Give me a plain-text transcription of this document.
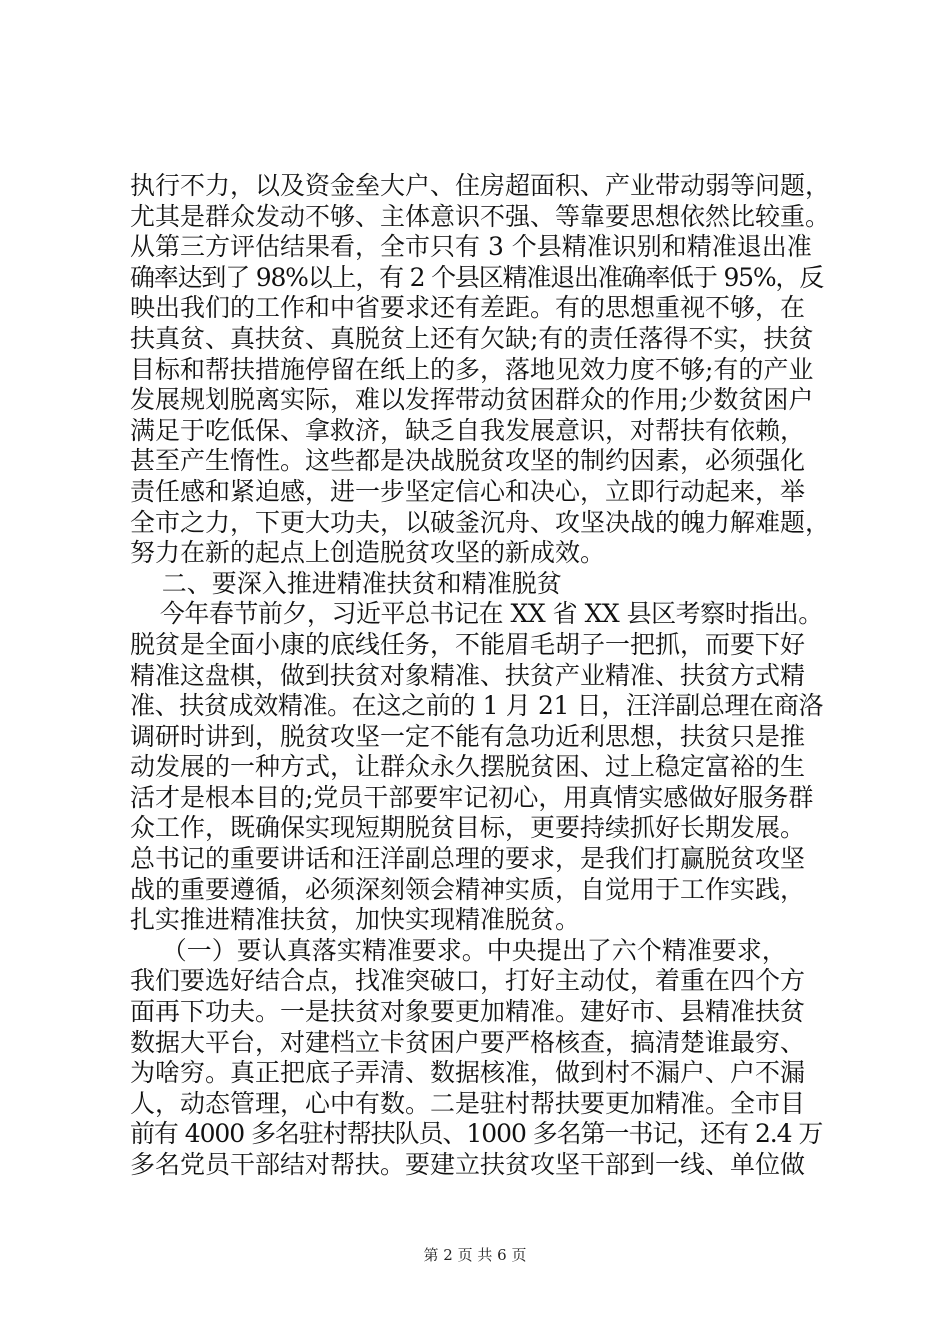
执行不力，以及资金垒大户、住房超面积、产业带动弱等问题，
尤其是群众发动不够、主体意识不强、等靠要思想依然比较重。
从第三方评估结果看，全市只有 3 个县精准识别和精准退出准
确率达到了 98%以上，有 2 个县区精准退出准确率低于 95%，反
映出我们的工作和中省要求还有差距。有的思想重视不够，在
扶真贫、真扶贫、真脱贫上还有欠缺;有的责任落得不实，扶贫
目标和帮扶措施停留在纸上的多，落地见效力度不够;有的产业
发展规划脱离实际，难以发挥带动贫困群众的作用;少数贫困户
满足于吃低保、拿救济，缺乏自我发展意识，对帮扶有依赖，
甚至产生惰性。这些都是决战脱贫攻坚的制约因素，必须强化
责任感和紧迫感，进一步坚定信心和决心，立即行动起来，举
全市之力，下更大功夫，以破釜沉舟、攻坚决战的魄力解难题，
努力在新的起点上创造脱贫攻坚的新成效。
二、要深入推进精准扶贫和精准脱贫
今年春节前夕，习近平总书记在 XX 省 XX 县区考察时指出。
脱贫是全面小康的底线任务，不能眉毛胡子一把抓，而要下好
精准这盘棋，做到扶贫对象精准、扶贫产业精准、扶贫方式精
准、扶贫成效精准。在这之前的 1 月 21 日，汪洋副总理在商洛
调研时讲到，脱贫攻坚一定不能有急功近利思想，扶贫只是推
动发展的一种方式，让群众永久摆脱贫困、过上稳定富裕的生
活才是根本目的;党员干部要牢记初心，用真情实感做好服务群
众工作，既确保实现短期脱贫目标，更要持续抓好长期发展。
总书记的重要讲话和汪洋副总理的要求，是我们打赢脱贫攻坚
战的重要遵循，必须深刻领会精神实质，自觉用于工作实践，
扎实推进精准扶贫，加快实现精准脱贫。
（一）要认真落实精准要求。中央提出了六个精准要求，
我们要选好结合点，找准突破口，打好主动仗，着重在四个方
面再下功夫。一是扶贫对象要更加精准。建好市、县精准扶贫
数据大平台，对建档立卡贫困户要严格核查，搞清楚谁最穷、
为啥穷。真正把底子弄清、数据核准，做到村不漏户、户不漏
人，动态管理，心中有数。二是驻村帮扶要更加精准。全市目
前有 4000 多名驻村帮扶队员、1000 多名第一书记，还有 2.4 万
多名党员干部结对帮扶。要建立扶贫攻坚干部到一线、单位做
第 2 页 共 6 页
